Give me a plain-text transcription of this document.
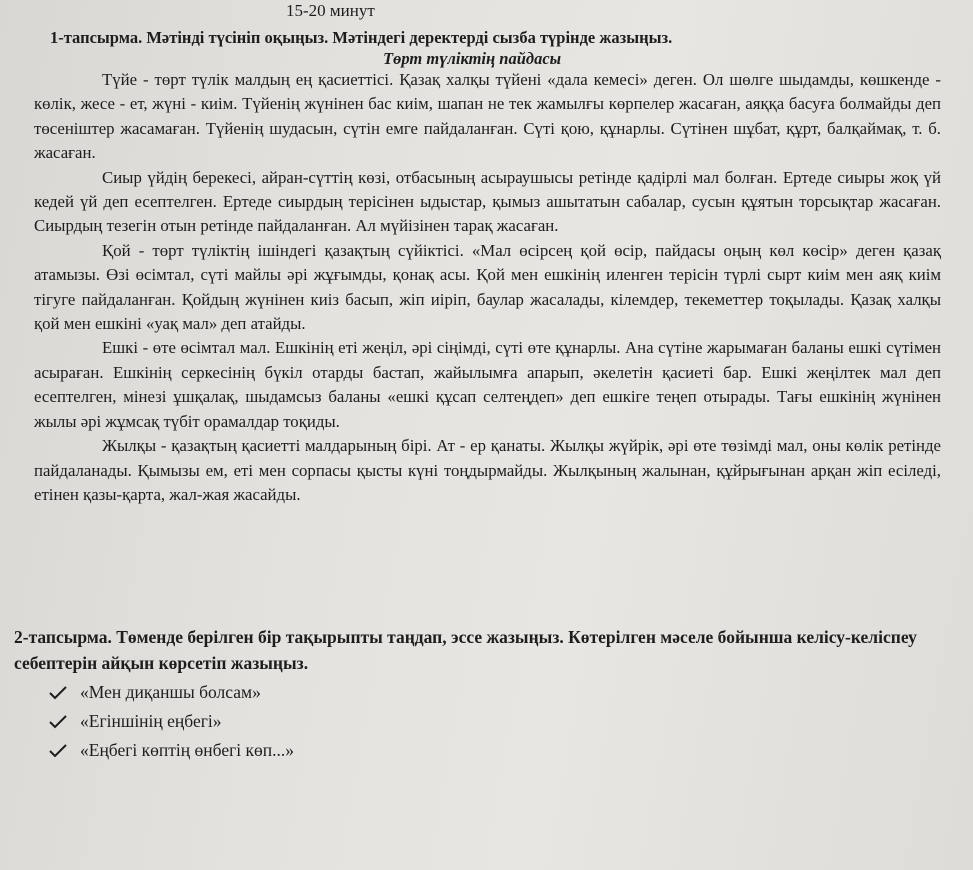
15-20 минут
1-тапсырма. Мәтінді түсініп оқыңыз. Мәтіндегі деректерді сызба түрінде жазыңыз.
Төрт түліктің пайдасы

Түйе - төрт түлік малдың ең қасиеттісі. Қазақ халқы түйені «дала кемесі» деген. Ол шөлге шыдамды, көшкенде - көлік, жесе - ет, жүні - киім. Түйенің жүнінен бас киім, шапан не тек жамылғы көрпелер жасаған, аяққа басуға болмайды деп төсеніштер жасамаған. Түйенің шудасын, сүтін емге пайдаланған. Сүті қою, құнарлы. Сүтінен шұбат, құрт, балқаймақ, т. б. жасаған.

Сиыр үйдің берекесі, айран-сүттің көзі, отбасының асыраушысы ретінде қадірлі мал болған. Ертеде сиыры жоқ үй кедей үй деп есептелген. Ертеде сиырдың терісінен ыдыстар, қымыз ашытатын сабалар, сусын құятын торсықтар жасаған. Сиырдың тезегін отын ретінде пайдаланған. Ал мүйізінен тарақ жасаған.

Қой - төрт түліктің ішіндегі қазақтың сүйіктісі. «Мал өсірсең қой өсір, пайдасы оңың көл көсір» деген қазақ атамызы. Өзі өсімтал, сүті майлы әрі жұғымды, қонақ асы. Қой мен ешкінің иленген терісін түрлі сырт киім мен аяқ киім тігуге пайдаланған. Қойдың жүнінен киіз басып, жіп иіріп, баулар жасалады, кілемдер, текеметтер тоқылады. Қазақ халқы қой мен ешкіні «уақ мал» деп атайды.

Ешкі - өте өсімтал мал. Ешкінің еті жеңіл, әрі сіңімді, сүті өте құнарлы. Ана сүтіне жарымаған баланы ешкі сүтімен асыраған. Ешкінің серкесінің бүкіл отарды бастап, жайылымға апарып, әкелетін қасиеті бар. Ешкі жеңілтек мал деп есептелген, мінезі ұшқалақ, шыдамсыз баланы «ешкі құсап селтеңдеп» деп ешкіге теңеп отырады. Тағы ешкінің жүнінен жылы әрі жұмсақ түбіт орамалдар тоқиды.

Жылқы - қазақтың қасиетті малдарының бірі. Ат - ер қанаты. Жылқы жүйрік, әрі өте төзімді мал, оны көлік ретінде пайдаланады. Қымызы ем, еті мен сорпасы қысты күні тоңдырмайды. Жылқының жалынан, құйрығынан арқан жіп есіледі, етінен қазы-қарта, жал-жая жасайды.

2-тапсырма. Төменде берілген бір тақырыпты таңдап, эссе жазыңыз. Көтерілген мәселе бойынша келісу-келіспеу себептерін айқын көрсетіп жазыңыз.
«Мен диқаншы болсам»
«Егіншінің еңбегі»
«Еңбегі көптің өнбегі көп...»
